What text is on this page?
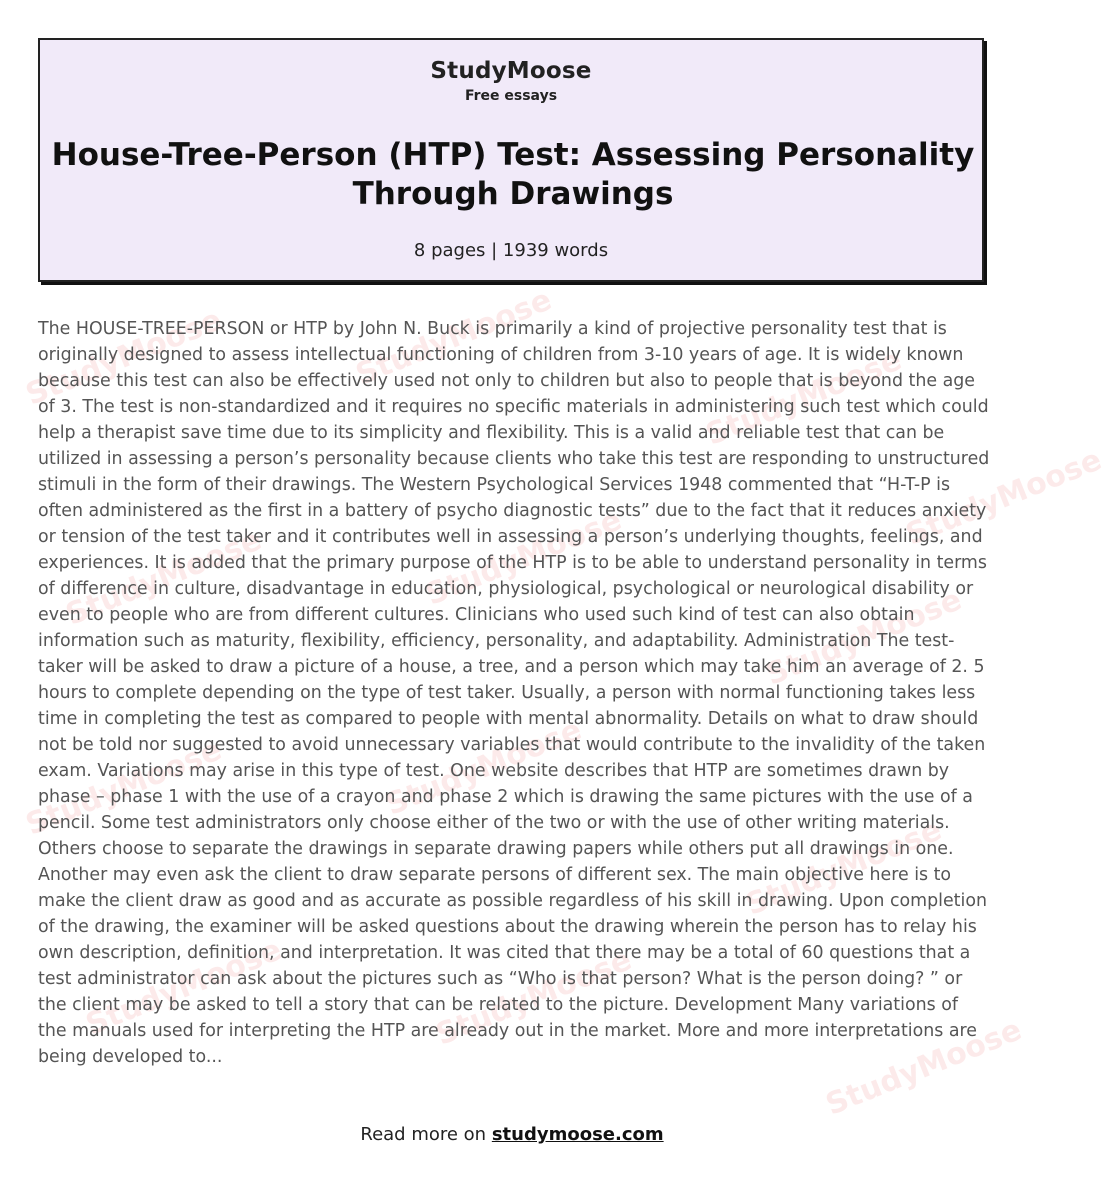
StudyMoose
Free essays
House-Tree-Person (HTP) Test: Assessing Personality Through Drawings
8 pages | 1939 words
StudyMoose	StudyMoose
StudyMoose
StudyMoose
StudyMoose	StudyMoose
StudyMoose
StudyMoose	StudyMoose
StudyMoose
StudyMoose	StudyMoose
StudyMoose

The HOUSE-TREE-PERSON or HTP by John N. Buck is primarily a kind of projective personality test that is originally designed to assess intellectual functioning of children from 3-10 years of age. It is widely known because this test can also be effectively used not only to children but also to people that is beyond the age of 3. The test is non-standardized and it requires no specific materials in administering such test which could help a therapist save time due to its simplicity and flexibility. This is a valid and reliable test that can be utilized in assessing a person’s personality because clients who take this test are responding to unstructured stimuli in the form of their drawings. The Western Psychological Services 1948 commented that “H-T-P is often administered as the first in a battery of psycho diagnostic tests” due to the fact that it reduces anxiety or tension of the test taker and it contributes well in assessing a person’s underlying thoughts, feelings, and experiences. It is added that the primary purpose of the HTP is to be able to understand personality in terms of difference in culture, disadvantage in education, physiological, psychological or neurological disability or even to people who are from different cultures. Clinicians who used such kind of test can also obtain information such as maturity, flexibility, efficiency, personality, and adaptability. Administration The test-taker will be asked to draw a picture of a house, a tree, and a person which may take him an average of 2. 5 hours to complete depending on the type of test taker. Usually, a person with normal functioning takes less time in completing the test as compared to people with mental abnormality. Details on what to draw should not be told nor suggested to avoid unnecessary variables that would contribute to the invalidity of the taken exam. Variations may arise in this type of test. One website describes that HTP are sometimes drawn by phase – phase 1 with the use of a crayon and phase 2 which is drawing the same pictures with the use of a pencil. Some test administrators only choose either of the two or with the use of other writing materials. Others choose to separate the drawings in separate drawing papers while others put all drawings in one. Another may even ask the client to draw separate persons of different sex. The main objective here is to make the client draw as good and as accurate as possible regardless of his skill in drawing. Upon completion of the drawing, the examiner will be asked questions about the drawing wherein the person has to relay his own description, definition, and interpretation. It was cited that there may be a total of 60 questions that a test administrator can ask about the pictures such as “Who is that person? What is the person doing? ” or the client may be asked to tell a story that can be related to the picture. Development Many variations of the manuals used for interpreting the HTP are already out in the market. More and more interpretations are being developed to...

Read more on studymoose.com
